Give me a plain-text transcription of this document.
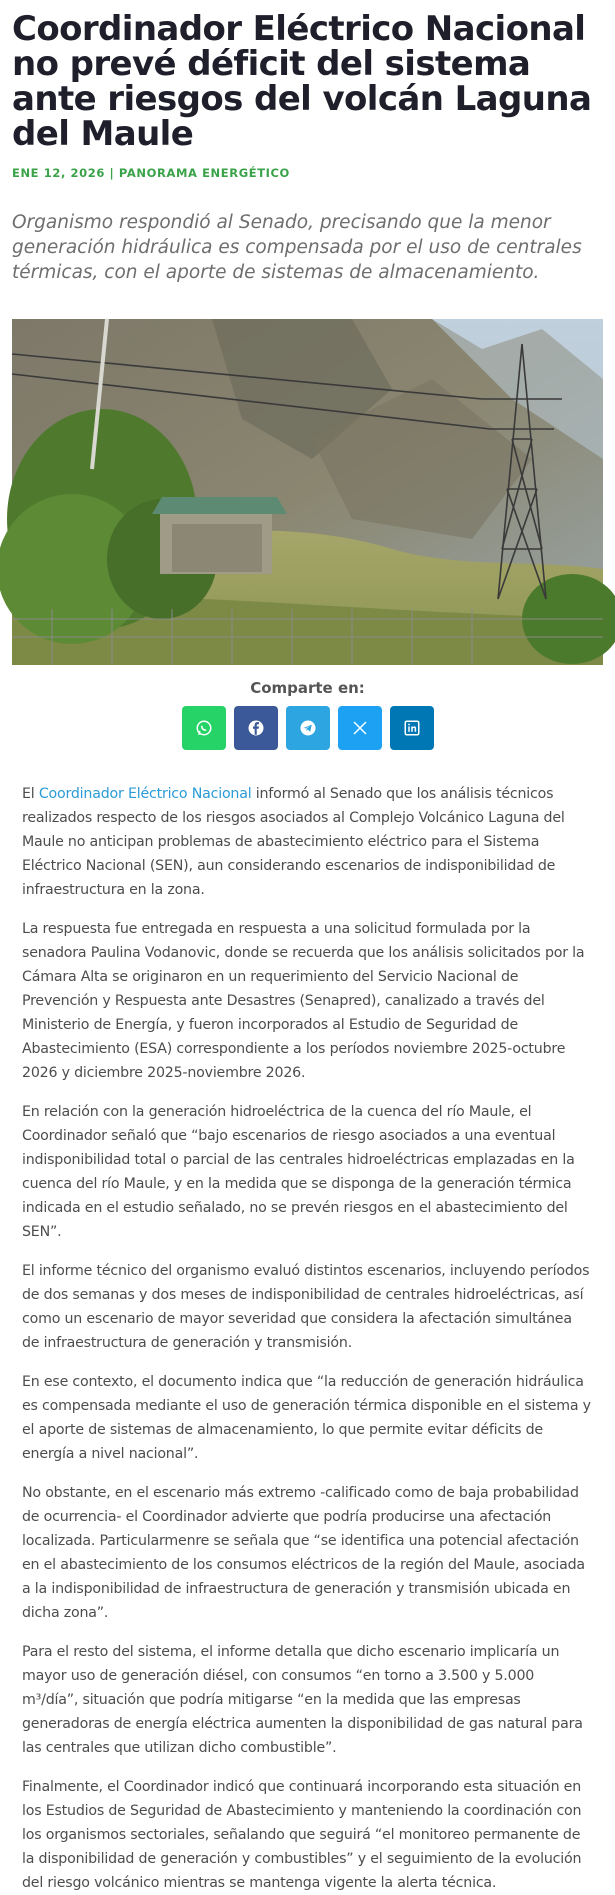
Coordinador Eléctrico Nacional no prevé déficit del sistema ante riesgos del volcán Laguna del Maule
ENE 12, 2026 | PANORAMA ENERGÉTICO
Organismo respondió al Senado, precisando que la menor generación hidráulica es compensada por el uso de centrales térmicas, con el aporte de sistemas de almacenamiento.
Comparte en:

El Coordinador Eléctrico Nacional informó al Senado que los análisis técnicos realizados respecto de los riesgos asociados al Complejo Volcánico Laguna del Maule no anticipan problemas de abastecimiento eléctrico para el Sistema Eléctrico Nacional (SEN), aun considerando escenarios de indisponibilidad de infraestructura en la zona.

La respuesta fue entregada en respuesta a una solicitud formulada por la senadora Paulina Vodanovic, donde se recuerda que los análisis solicitados por la Cámara Alta se originaron en un requerimiento del Servicio Nacional de Prevención y Respuesta ante Desastres (Senapred), canalizado a través del Ministerio de Energía, y fueron incorporados al Estudio de Seguridad de Abastecimiento (ESA) correspondiente a los períodos noviembre 2025-octubre 2026 y diciembre 2025-noviembre 2026.

En relación con la generación hidroeléctrica de la cuenca del río Maule, el Coordinador señaló que “bajo escenarios de riesgo asociados a una eventual indisponibilidad total o parcial de las centrales hidroeléctricas emplazadas en la cuenca del río Maule, y en la medida que se disponga de la generación térmica indicada en el estudio señalado, no se prevén riesgos en el abastecimiento del SEN”.

El informe técnico del organismo evaluó distintos escenarios, incluyendo períodos de dos semanas y dos meses de indisponibilidad de centrales hidroeléctricas, así como un escenario de mayor severidad que considera la afectación simultánea de infraestructura de generación y transmisión.

En ese contexto, el documento indica que “la reducción de generación hidráulica es compensada mediante el uso de generación térmica disponible en el sistema y el aporte de sistemas de almacenamiento, lo que permite evitar déficits de energía a nivel nacional”.

No obstante, en el escenario más extremo -calificado como de baja probabilidad de ocurrencia- el Coordinador advierte que podría producirse una afectación localizada. Particularmenre se señala que “se identifica una potencial afectación en el abastecimiento de los consumos eléctricos de la región del Maule, asociada a la indisponibilidad de infraestructura de generación y transmisión ubicada en dicha zona”.

Para el resto del sistema, el informe detalla que dicho escenario implicaría un mayor uso de generación diésel, con consumos “en torno a 3.500 y 5.000 m³/día”, situación que podría mitigarse “en la medida que las empresas generadoras de energía eléctrica aumenten la disponibilidad de gas natural para las centrales que utilizan dicho combustible”.

Finalmente, el Coordinador indicó que continuará incorporando esta situación en los Estudios de Seguridad de Abastecimiento y manteniendo la coordinación con los organismos sectoriales, señalando que seguirá “el monitoreo permanente de la disponibilidad de generación y combustibles” y el seguimiento de la evolución del riesgo volcánico mientras se mantenga vigente la alerta técnica.
